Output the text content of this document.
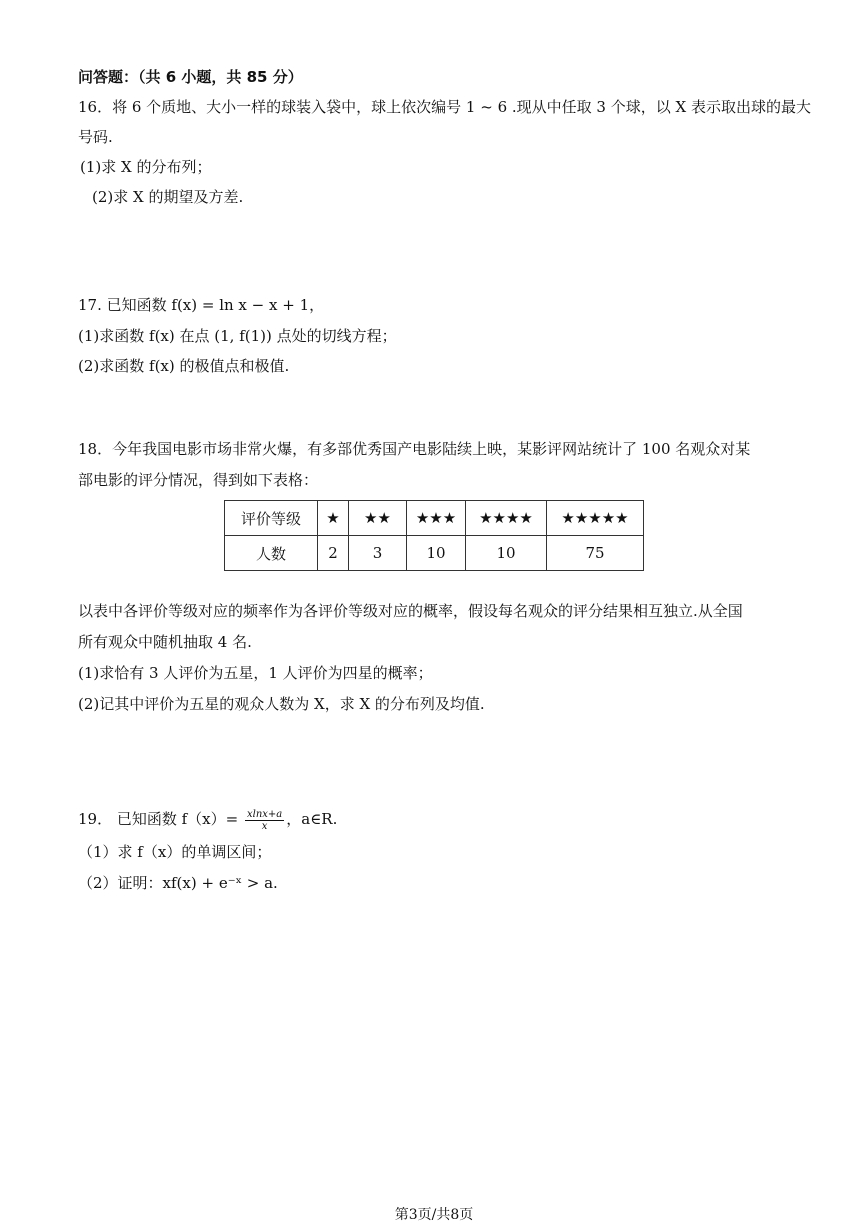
问答题：（共 6 小题，共 85 分）
16．将 6 个质地、大小一样的球装入袋中，球上依次编号 1 ~ 6 .现从中任取 3 个球，以 X 表示取出球的最大
号码.
(1)求 X 的分布列；
(2)求 X 的期望及方差.
17. 已知函数 f(x) = ln x − x + 1，
(1)求函数 f(x) 在点 (1, f(1)) 点处的切线方程；
(2)求函数 f(x) 的极值点和极值.
18．今年我国电影市场非常火爆，有多部优秀国产电影陆续上映，某影评网站统计了 100 名观众对某
部电影的评分情况，得到如下表格：
评价等级	★	★★	★★★	★★★★	★★★★★
人数	2	3	10	10	75
以表中各评价等级对应的频率作为各评价等级对应的概率，假设每名观众的评分结果相互独立.从全国
所有观众中随机抽取 4 名.
(1)求恰有 3 人评价为五星，1 人评价为四星的概率；
(2)记其中评价为五星的观众人数为 X，求 X 的分布列及均值.
19． 已知函数 $f(x)= \frac{xlnx+a}{x}$ ，a∈R.
（1）求 f（x）的单调区间；
（2）证明：xf(x) + e⁻ˣ > a.
第3页/共8页
